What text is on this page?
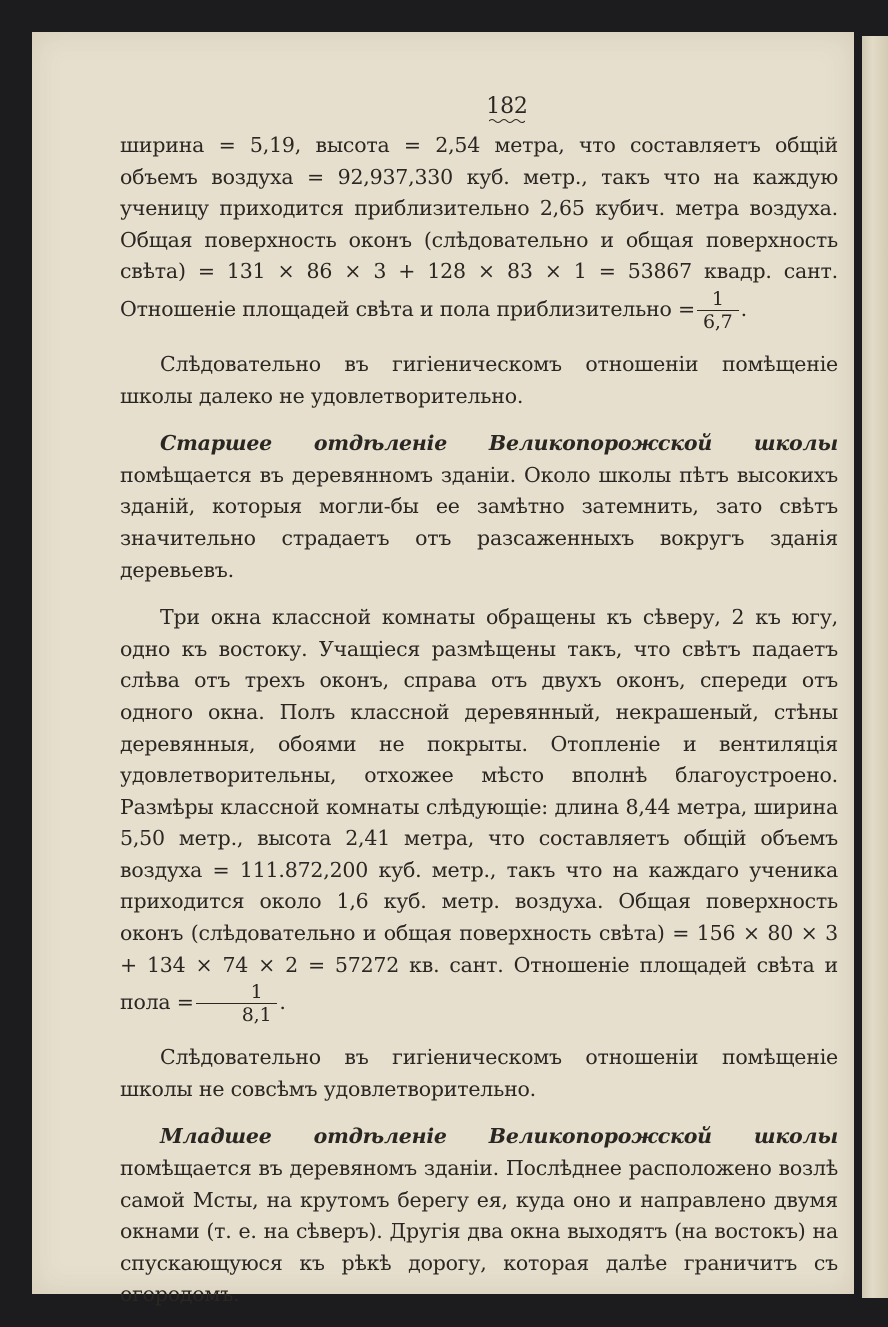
182

ширина = 5,19, высота = 2,54 метра, что составляетъ общій объемъ воздуха = 92,937,330 куб. метр., такъ что на каждую ученицу приходится приблизительно 2,65 кубич. метра воздуха. Общая поверхность оконъ (слѣдовательно и общая поверхность свѣта) = 131 × 86 × 3 + 128 × 83 × 1 = 53867 квадр. сант. Отношеніе площадей свѣта и пола приблизительно = $\frac{1}{6,7}$ .

Слѣдовательно въ гигіеническомъ отношеніи помѣщеніе школы далеко не удовлетворительно.

Старшее отдѣленіе Великопорожской школы помѣщается въ деревянномъ зданіи. Около школы пѣтъ высокихъ зданій, которыя могли-бы ее замѣтно затемнить, зато свѣтъ значительно страдаетъ отъ разсаженныхъ вокругъ зданія деревьевъ.

Три окна классной комнаты обращены къ сѣверу, 2 къ югу, одно къ востоку. Учащіеся размѣщены такъ, что свѣтъ падаетъ слѣва отъ трехъ оконъ, справа отъ двухъ оконъ, спереди отъ одного окна. Полъ классной деревянный, некрашеный, стѣны деревянныя, обоями не покрыты. Отопленіе и вентиляція удовлетворительны, отхожее мѣсто вполнѣ благоустроено. Размѣры классной комнаты слѣдующіе: длина 8,44 метра, ширина 5,50 метр., высота 2,41 метра, что составляетъ общій объемъ воздуха = 111.872,200 куб. метр., такъ что на каждаго ученика приходится около 1,6 куб. метр. воздуха. Общая поверхность оконъ (слѣдовательно и общая поверхность свѣта) = 156 × 80 × 3 + 134 × 74 × 2 = 57272 кв. сант. Отношеніе площадей свѣта и пола = $\frac{1}{8,1}$ .

Слѣдовательно въ гигіеническомъ отношеніи помѣщеніе школы не совсѣмъ удовлетворительно.

Младшее отдѣленіе Великопорожской школы помѣщается въ деревяномъ зданіи. Послѣднее расположено возлѣ самой Мсты, на крутомъ берегу ея, куда оно и направлено двумя окнами (т. е. на сѣверъ). Другія два окна выходятъ (на востокъ) на спускающуюся къ рѣкѣ дорогу, которая далѣе граничитъ съ огородомъ.
